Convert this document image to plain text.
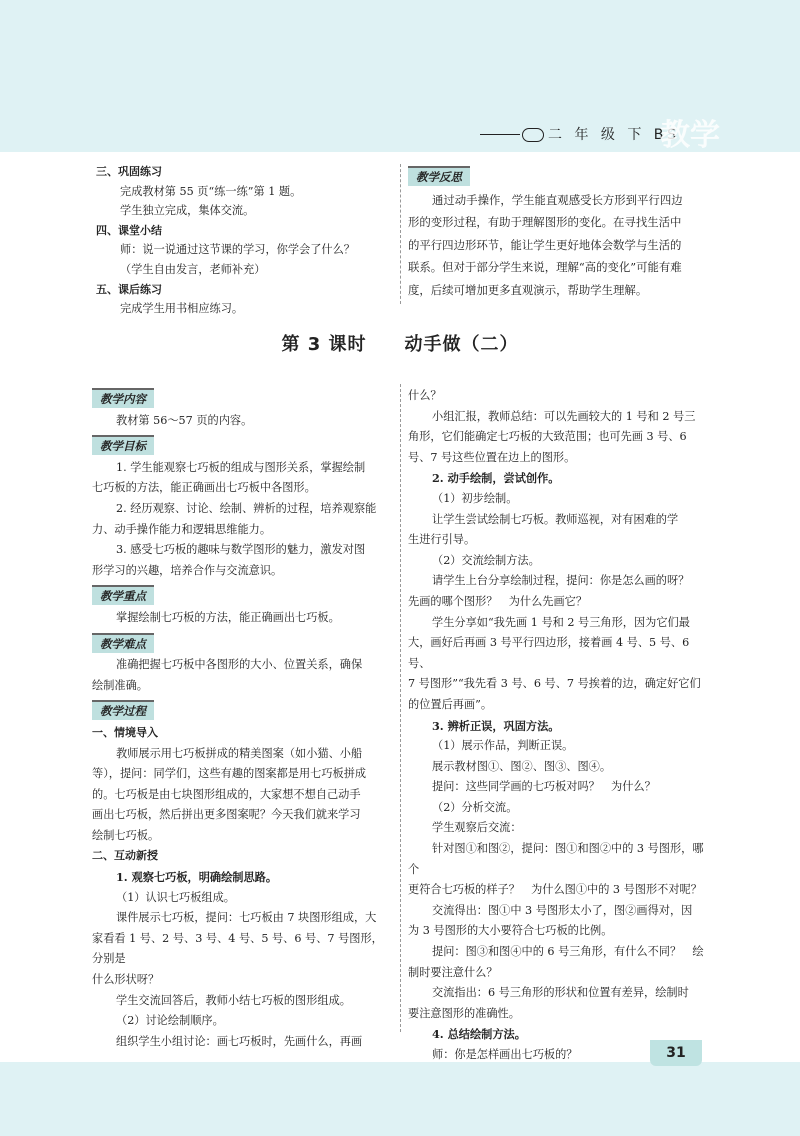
二 年 级 下 BS
教学

三、巩固练习

完成教材第 55 页“练一练”第 1 题。

学生独立完成，集体交流。

四、课堂小结

师：说一说通过这节课的学习，你学会了什么？

（学生自由发言，老师补充）

五、课后练习

完成学生用书相应练习。

教学反思

通过动手操作，学生能直观感受长方形到平行四边

形的变形过程，有助于理解图形的变化。在寻找生活中

的平行四边形环节，能让学生更好地体会数学与生活的

联系。但对于部分学生来说，理解“高的变化”可能有难

度，后续可增加更多直观演示，帮助学生理解。

第 3 课时　　动手做（二）
教学内容

教材第 56～57 页的内容。

教学目标

1. 学生能观察七巧板的组成与图形关系，掌握绘制

七巧板的方法，能正确画出七巧板中各图形。

2. 经历观察、讨论、绘制、辨析的过程，培养观察能

力、动手操作能力和逻辑思维能力。

3. 感受七巧板的趣味与数学图形的魅力，激发对图

形学习的兴趣，培养合作与交流意识。

教学重点

掌握绘制七巧板的方法，能正确画出七巧板。

教学难点

准确把握七巧板中各图形的大小、位置关系，确保

绘制准确。

教学过程

一、情境导入

教师展示用七巧板拼成的精美图案（如小猫、小船

等），提问：同学们，这些有趣的图案都是用七巧板拼成

的。七巧板是由七块图形组成的，大家想不想自己动手

画出七巧板，然后拼出更多图案呢？今天我们就来学习

绘制七巧板。

二、互动新授

1. 观察七巧板，明确绘制思路。

（1）认识七巧板组成。

课件展示七巧板，提问：七巧板由 7 块图形组成，大

家看看 1 号、2 号、3 号、4 号、5 号、6 号、7 号图形，分别是

什么形状呀？

学生交流回答后，教师小结七巧板的图形组成。

（2）讨论绘制顺序。

组织学生小组讨论：画七巧板时，先画什么，再画

什么？

小组汇报，教师总结：可以先画较大的 1 号和 2 号三

角形，它们能确定七巧板的大致范围；也可先画 3 号、6

号、7 号这些位置在边上的图形。

2. 动手绘制，尝试创作。

（1）初步绘制。

让学生尝试绘制七巧板。教师巡视，对有困难的学

生进行引导。

（2）交流绘制方法。

请学生上台分享绘制过程，提问：你是怎么画的呀？

先画的哪个图形？　为什么先画它？

学生分享如“我先画 1 号和 2 号三角形，因为它们最

大，画好后再画 3 号平行四边形，接着画 4 号、5 号、6 号、

7 号图形”“我先看 3 号、6 号、7 号挨着的边，确定好它们

的位置后再画”。

3. 辨析正误，巩固方法。

（1）展示作品，判断正误。

展示教材图①、图②、图③、图④。

提问：这些同学画的七巧板对吗？　为什么？

（2）分析交流。

学生观察后交流：

针对图①和图②，提问：图①和图②中的 3 号图形，哪个

更符合七巧板的样子？　为什么图①中的 3 号图形不对呢？

交流得出：图①中 3 号图形太小了，图②画得对，因

为 3 号图形的大小要符合七巧板的比例。

提问：图③和图④中的 6 号三角形，有什么不同？　绘

制时要注意什么？

交流指出：6 号三角形的形状和位置有差异，绘制时

要注意图形的准确性。

4. 总结绘制方法。

师：你是怎样画出七巧板的？	31
